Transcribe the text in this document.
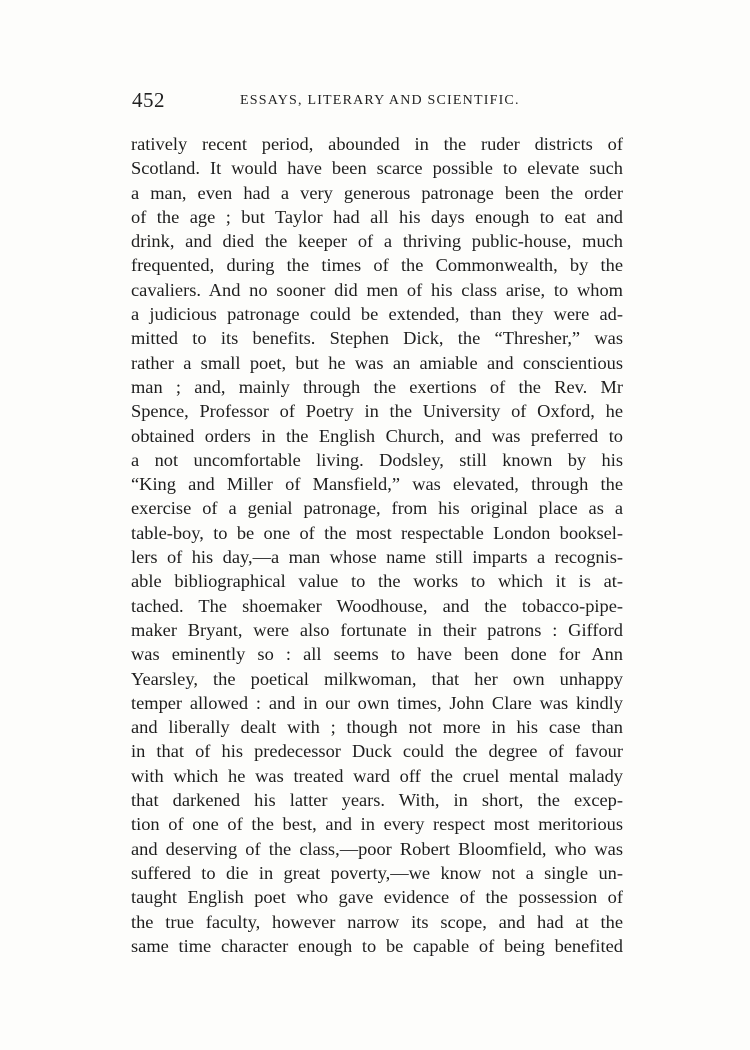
452	ESSAYS, LITERARY AND SCIENTIFIC.
ratively recent period, abounded in the ruder districts of
Scotland. It would have been scarce possible to elevate such
a man, even had a very generous patronage been the order
of the age ; but Taylor had all his days enough to eat and
drink, and died the keeper of a thriving public-house, much
frequented, during the times of the Commonwealth, by the
cavaliers. And no sooner did men of his class arise, to whom
a judicious patronage could be extended, than they were ad-
mitted to its benefits. Stephen Dick, the “Thresher,” was
rather a small poet, but he was an amiable and conscientious
man ; and, mainly through the exertions of the Rev. Mr
Spence, Professor of Poetry in the University of Oxford, he
obtained orders in the English Church, and was preferred to
a not uncomfortable living. Dodsley, still known by his
“King and Miller of Mansfield,” was elevated, through the
exercise of a genial patronage, from his original place as a
table-boy, to be one of the most respectable London booksel-
lers of his day,—a man whose name still imparts a recognis-
able bibliographical value to the works to which it is at-
tached. The shoemaker Woodhouse, and the tobacco-pipe-
maker Bryant, were also fortunate in their patrons : Gifford
was eminently so : all seems to have been done for Ann
Yearsley, the poetical milkwoman, that her own unhappy
temper allowed : and in our own times, John Clare was kindly
and liberally dealt with ; though not more in his case than
in that of his predecessor Duck could the degree of favour
with which he was treated ward off the cruel mental malady
that darkened his latter years. With, in short, the excep-
tion of one of the best, and in every respect most meritorious
and deserving of the class,—poor Robert Bloomfield, who was
suffered to die in great poverty,—we know not a single un-
taught English poet who gave evidence of the possession of
the true faculty, however narrow its scope, and had at the
same time character enough to be capable of being benefited
